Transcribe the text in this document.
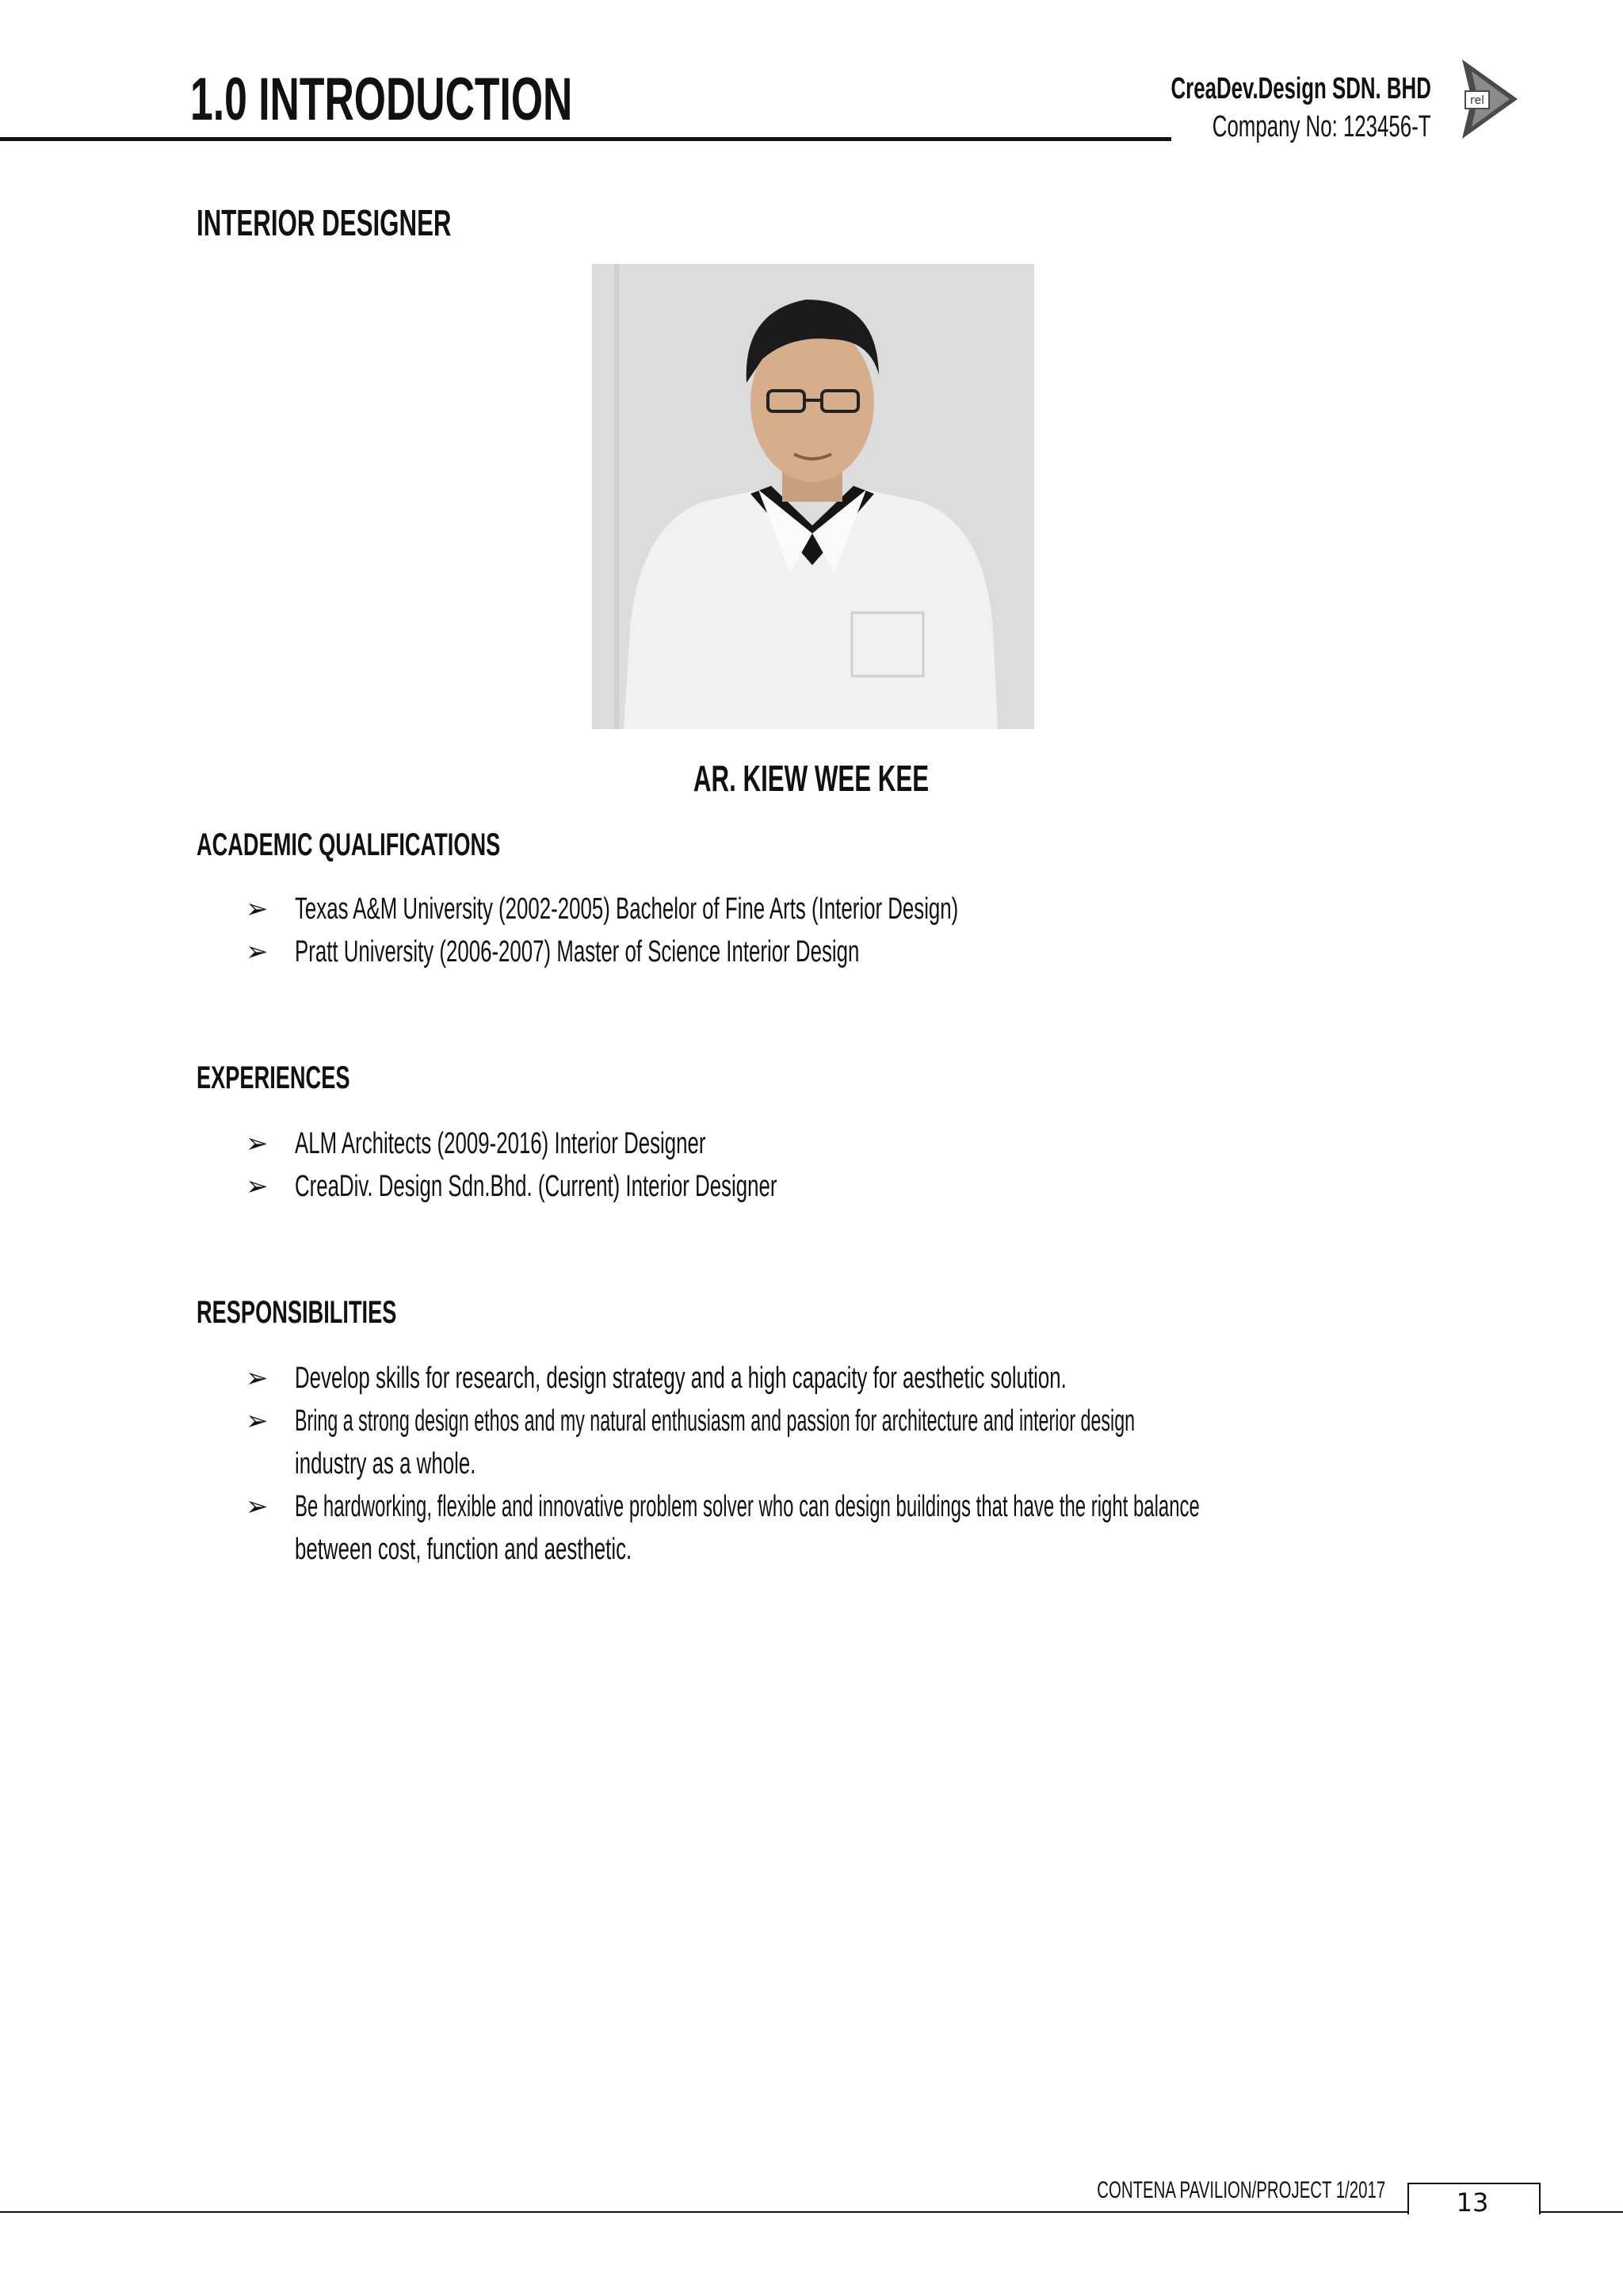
1.0 INTRODUCTION	CreaDev.Design SDN. BHD
Company No: 123456-T
rel
INTERIOR DESIGNER
AR. KIEW WEE KEE
ACADEMIC QUALIFICATIONS
➢ Texas A&M University (2002-2005) Bachelor of Fine Arts (Interior Design)
➢ Pratt University (2006-2007) Master of Science Interior Design
EXPERIENCES
➢ ALM Architects (2009-2016) Interior Designer
➢ CreaDiv. Design Sdn.Bhd. (Current) Interior Designer
RESPONSIBILITIES
➢ Develop skills for research, design strategy and a high capacity for aesthetic solution.
➢ Bring a strong design ethos and my natural enthusiasm and passion for architecture and interior design
industry as a whole.
➢ Be hardworking, flexible and innovative problem solver who can design buildings that have the right balance
between cost, function and aesthetic.
CONTENA PAVILION/PROJECT 1/2017	13
